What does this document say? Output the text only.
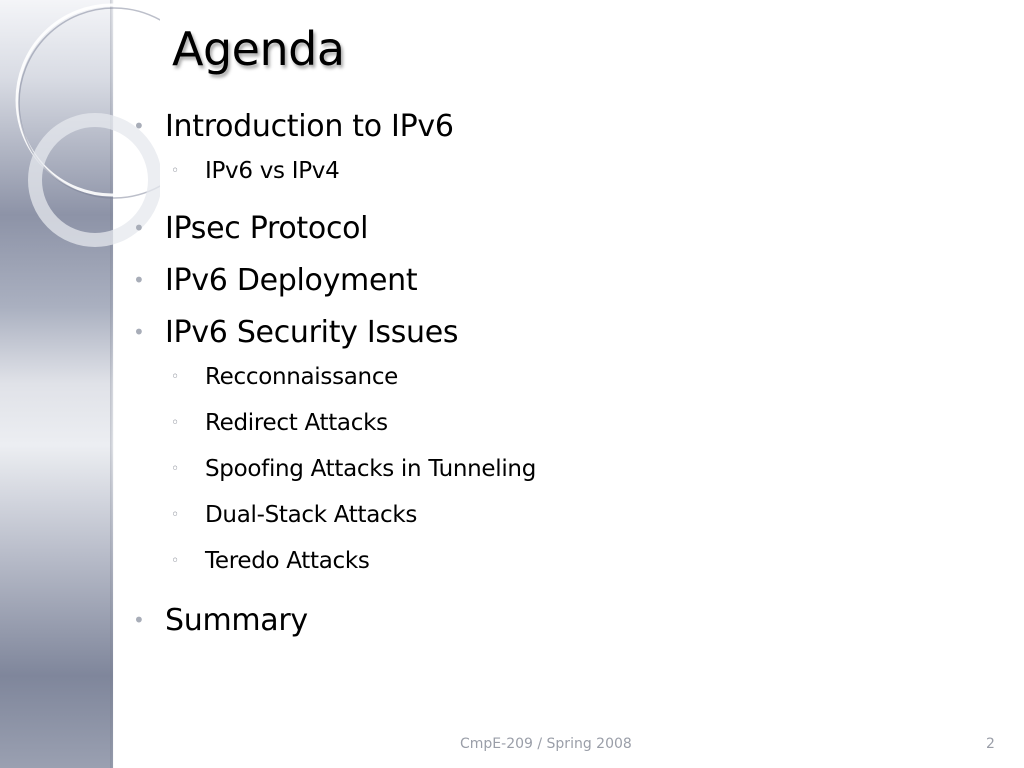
Agenda
• Introduction to IPv6
◦	IPv6 vs IPv4
• IPsec Protocol
• IPv6 Deployment
• IPv6 Security Issues
◦	Recconnaissance
◦	Redirect Attacks
◦	Spoofing Attacks in Tunneling
◦	Dual-Stack Attacks
◦	Teredo Attacks
• Summary
CmpE-209 / Spring 2008	2
